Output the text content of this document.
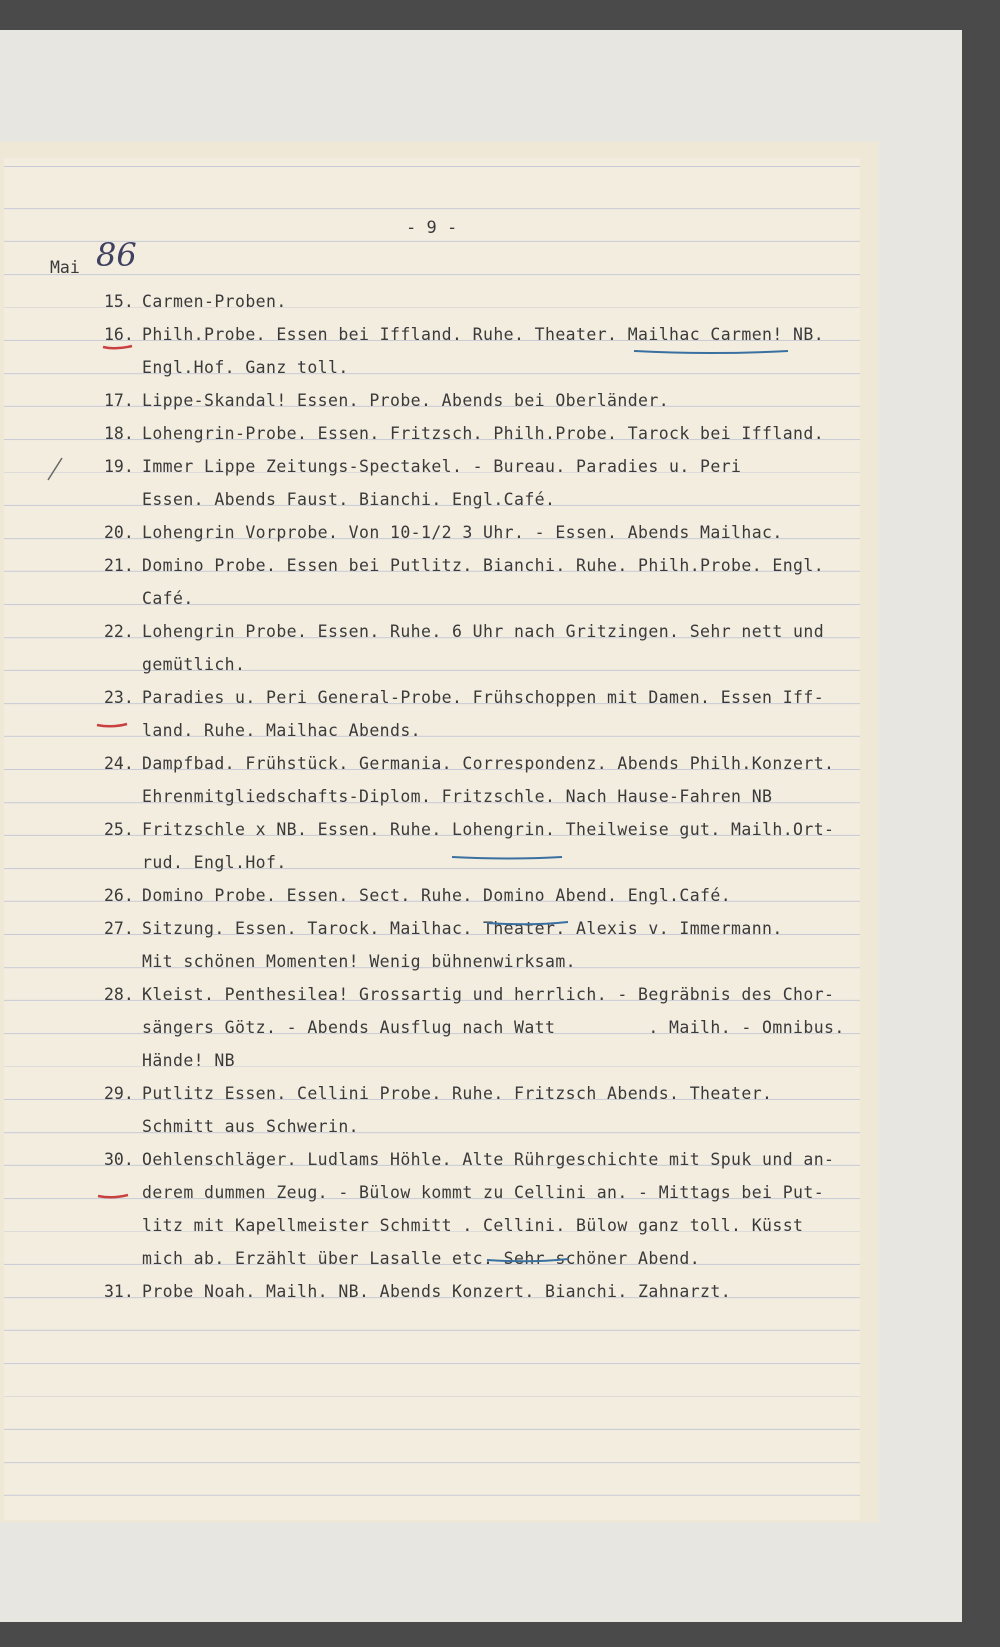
- 9 -
Mai 86
15. Carmen-Proben.
16. Philh.Probe. Essen bei Iffland. Ruhe. Theater. Mailhac Carmen! NB.
Engl.Hof. Ganz toll.
17. Lippe-Skandal! Essen. Probe. Abends bei Oberländer.
18. Lohengrin-Probe. Essen. Fritzsch. Philh.Probe. Tarock bei Iffland.
19. Immer Lippe Zeitungs-Spectakel. - Bureau. Paradies u. Peri
Essen. Abends Faust. Bianchi. Engl.Café.
20. Lohengrin Vorprobe. Von 10-1/2 3 Uhr. - Essen. Abends Mailhac.
21. Domino Probe. Essen bei Putlitz. Bianchi. Ruhe. Philh.Probe. Engl.
Café.
22. Lohengrin Probe. Essen. Ruhe. 6 Uhr nach Gritzingen. Sehr nett und
gemütlich.
23. Paradies u. Peri General-Probe. Frühschoppen mit Damen. Essen Iff-
land. Ruhe. Mailhac Abends.
24. Dampfbad. Frühstück. Germania. Correspondenz. Abends Philh.Konzert.
Ehrenmitgliedschafts-Diplom. Fritzschle. Nach Hause-Fahren NB
25. Fritzschle x NB. Essen. Ruhe. Lohengrin. Theilweise gut. Mailh.Ort-
rud. Engl.Hof.
26. Domino Probe. Essen. Sect. Ruhe. Domino Abend. Engl.Café.
27. Sitzung. Essen. Tarock. Mailhac. Theater. Alexis v. Immermann.
Mit schönen Momenten! Wenig bühnenwirksam.
28. Kleist. Penthesilea! Grossartig und herrlich. - Begräbnis des Chor-
sängers Götz. - Abends Ausflug nach Watt         . Mailh. - Omnibus.
Hände! NB
29. Putlitz Essen. Cellini Probe. Ruhe. Fritzsch Abends. Theater.
Schmitt aus Schwerin.
30. Oehlenschläger. Ludlams Höhle. Alte Rührgeschichte mit Spuk und an-
derem dummen Zeug. - Bülow kommt zu Cellini an. - Mittags bei Put-
litz mit Kapellmeister Schmitt . Cellini. Bülow ganz toll. Küsst
mich ab. Erzählt über Lasalle etc. Sehr schöner Abend.
31. Probe Noah. Mailh. NB. Abends Konzert. Bianchi. Zahnarzt.
